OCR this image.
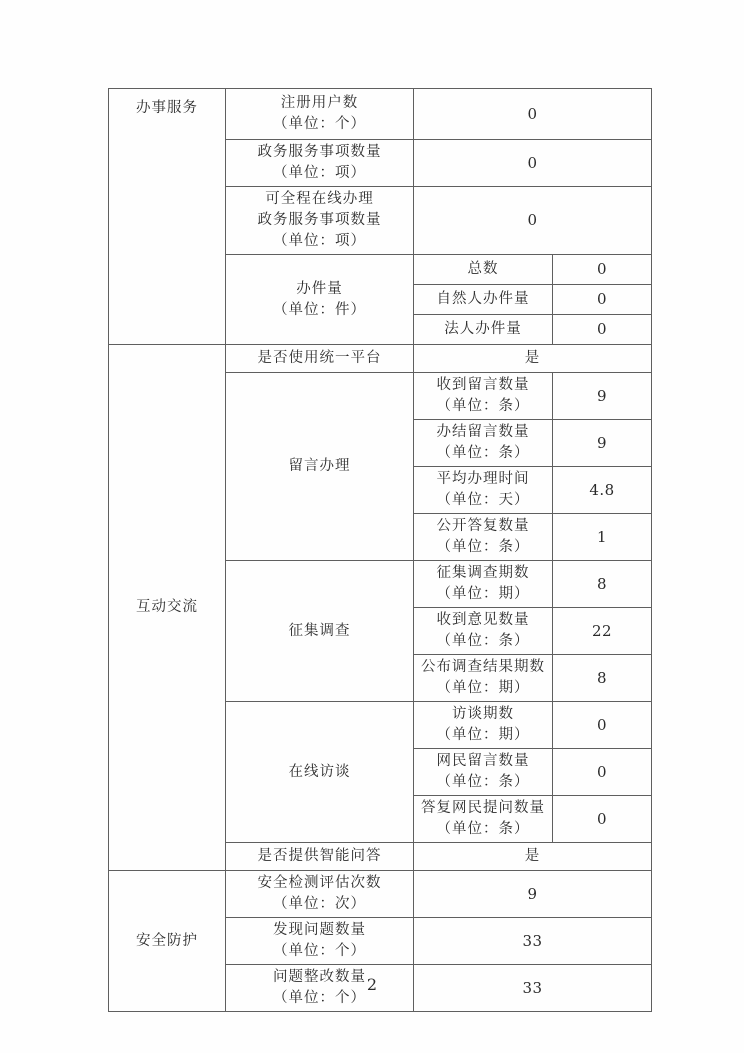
办事服务	注册用户数
（单位：个）	0	

	政务服务事项数量
（单位：项）	0	

	可全程在线办理
政务服务事项数量
（单位：项）	0	

	办件量
（单位：件）	总数	0
		自然人办件量	0
		法人办件量	0

互动交流	是否使用统一平台	是	
	留言办理	收到留言数量
（单位：条）	9

		办结留言数量
（单位：条）	9

		平均办理时间
（单位：天）	4.8

		公开答复数量
（单位：条）	1
	征集调查	征集调查期数
（单位：期）	8

		收到意见数量
（单位：条）	22

		公布调查结果期数
（单位：期）	8
	在线访谈	访谈期数
（单位：期）	0

		网民留言数量
（单位：条）	0

		答复网民提问数量
（单位：条）	0
	是否提供智能问答	是	

安全防护	安全检测评估次数
（单位：次）	9	

	发现问题数量
（单位：个）	33	

	问题整改数量
（单位：个）	33	
2
